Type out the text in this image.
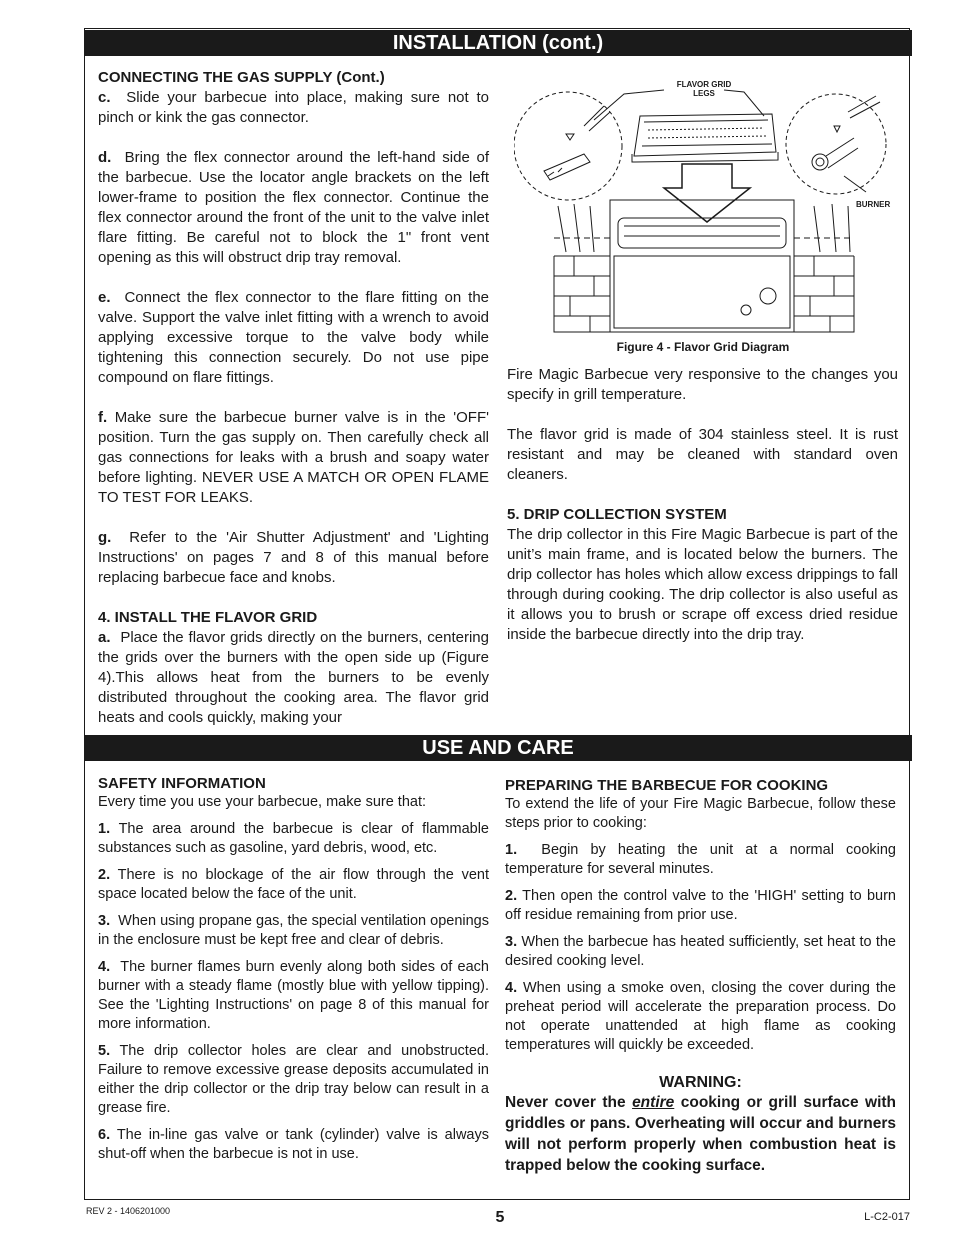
INSTALLATION (cont.)

CONNECTING THE GAS SUPPLY (Cont.)

c. Slide your barbecue into place, making sure not to pinch or kink the gas connector.

d. Bring the flex connector around the left-hand side of the barbecue. Use the locator angle brackets on the left lower-frame to position the flex connector. Continue the flex connector around the front of the unit to the valve inlet flare fitting. Be careful not to block the 1" front vent opening as this will obstruct drip tray removal.

e. Connect the flex connector to the flare fitting on the valve. Support the valve inlet fitting with a wrench to avoid applying excessive torque to the valve body while tightening this connection securely. Do not use pipe compound on flare fittings.

f. Make sure the barbecue burner valve is in the 'OFF' position. Turn the gas supply on. Then carefully check all gas connections for leaks with a brush and soapy water before lighting. NEVER USE A MATCH OR OPEN FLAME TO TEST FOR LEAKS.

g. Refer to the 'Air Shutter Adjustment' and 'Lighting Instructions' on pages 7 and 8 of this manual before replacing barbecue face and knobs.

4. INSTALL THE FLAVOR GRID

a. Place the flavor grids directly on the burners, centering the grids over the burners with the open side up (Figure 4).This allows heat from the burners to be evenly distributed throughout the cooking area. The flavor grid heats and cools quickly, making your

FLAVOR GRID
LEGS
BURNER
Figure 4 - Flavor Grid Diagram

Fire Magic Barbecue very responsive to the changes you specify in grill temperature.

The flavor grid is made of 304 stainless steel. It is rust resistant and may be cleaned with standard oven cleaners.

5. DRIP COLLECTION SYSTEM

The drip collector in this Fire Magic Barbecue is part of the unit’s main frame, and is located below the burners. The drip collector has holes which allow excess drippings to fall through during cooking. The drip collector is also useful as it allows you to brush or scrape off excess dried residue inside the barbecue directly into the drip tray.

USE AND CARE

SAFETY INFORMATION

Every time you use your barbecue, make sure that:

1. The area around the barbecue is clear of flammable substances such as gasoline, yard debris, wood, etc.

2. There is no blockage of the air flow through the vent space located below the face of the unit.

3. When using propane gas, the special ventilation openings in the enclosure must be kept free and clear of debris.

4. The burner flames burn evenly along both sides of each burner with a steady flame (mostly blue with yellow tipping). See the 'Lighting Instructions' on page 8 of this manual for more information.

5. The drip collector holes are clear and unobstructed. Failure to remove excessive grease deposits accumulated in either the drip collector or the drip tray below can result in a grease fire.

6. The in-line gas valve or tank (cylinder) valve is always shut-off when the barbecue is not in use.

PREPARING THE BARBECUE FOR COOKING

To extend the life of your Fire Magic Barbecue, follow these steps prior to cooking:

1. Begin by heating the unit at a normal cooking temperature for several minutes.

2. Then open the control valve to the 'HIGH' setting to burn off residue remaining from prior use.

3. When the barbecue has heated sufficiently, set heat to the desired cooking level.

4. When using a smoke oven, closing the cover during the preheat period will accelerate the preparation process. Do not operate unattended at high flame as cooking temperatures will quickly be exceeded.

WARNING:

Never cover the entire cooking or grill surface with griddles or pans. Overheating will occur and burners will not perform properly when combustion heat is trapped below the cooking surface.

REV 2 - 1406201000	5	L-C2-017
